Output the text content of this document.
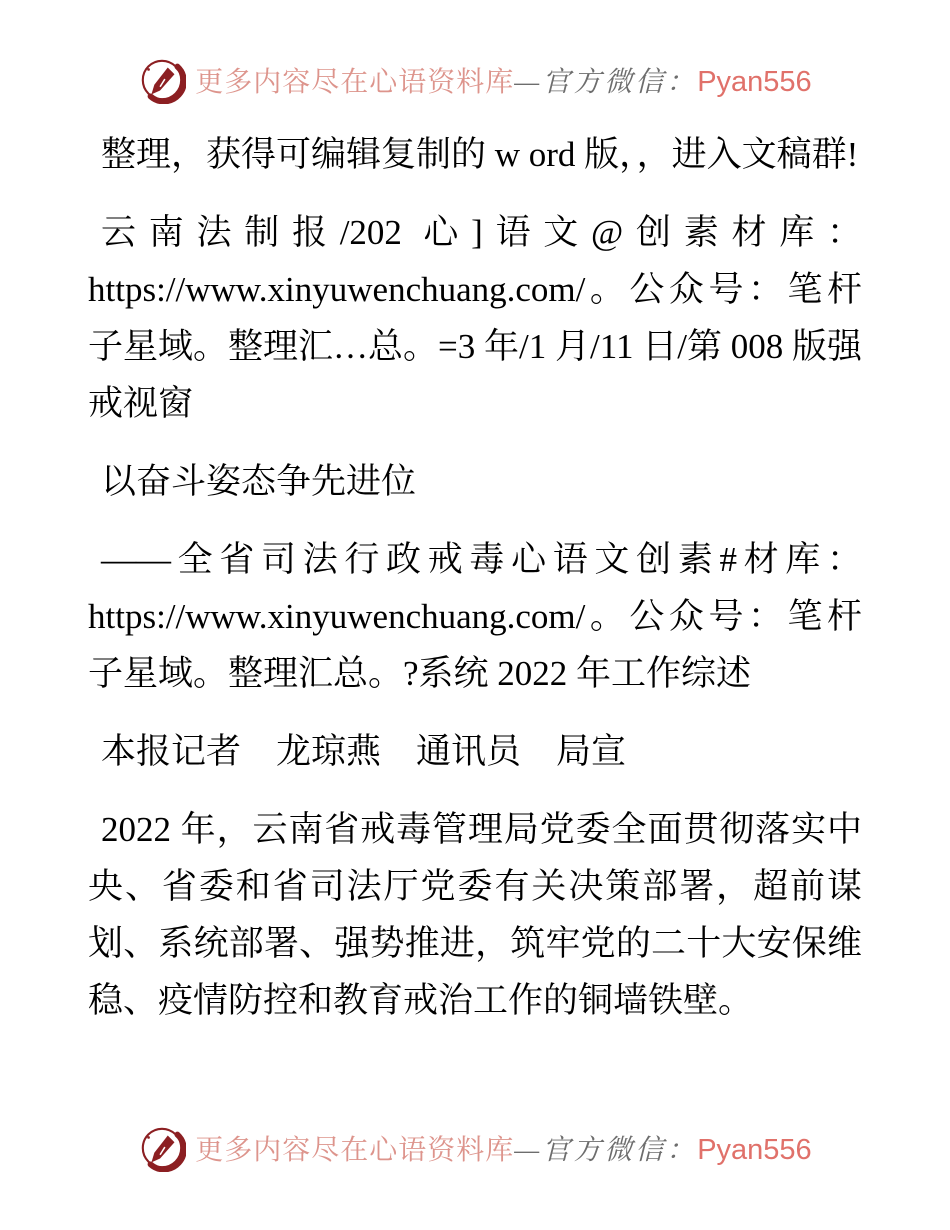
更多内容尽在心语资料库—官方微信：Pyan556

整理，获得可编辑复制的 w ord 版，，进入文稿群!

云南法制报/202 心]语文@创素材库：https://www.xinyuwenchuang.com/。公众号：笔杆子星域。整理汇…总。=3 年/1 月/11 日/第 008 版强戒视窗

以奋斗姿态争先进位

——全省司法行政戒毒心语文创素#材库：https://www.xinyuwenchuang.com/。公众号：笔杆子星域。整理汇总。?系统 2022 年工作综述

本报记者　龙琼燕　通讯员　局宣

2022 年，云南省戒毒管理局党委全面贯彻落实中央、省委和省司法厅党委有关决策部署，超前谋划、系统部署、强势推进，筑牢党的二十大安保维稳、疫情防控和教育戒治工作的铜墙铁壁。

更多内容尽在心语资料库—官方微信：Pyan556
